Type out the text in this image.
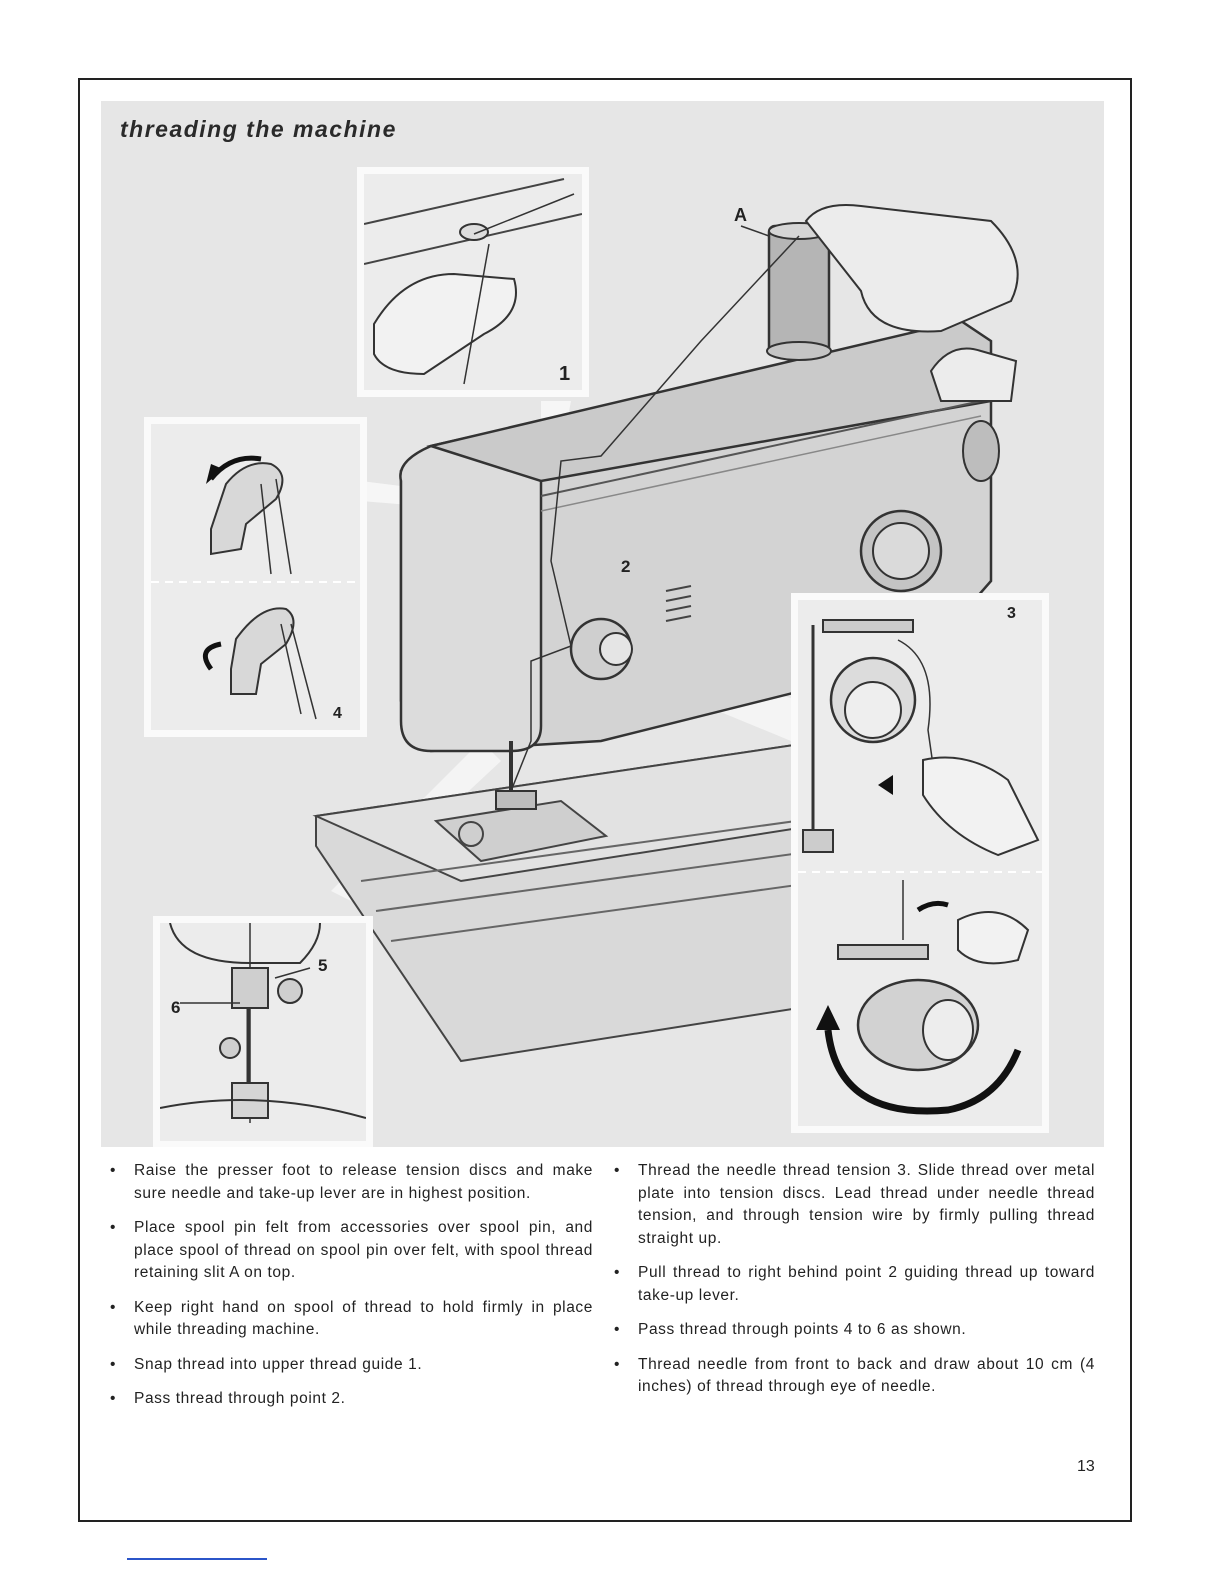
1
4
3
5
6
A
2
threading the machine
• Raise the presser foot to release tension discs and make sure needle and take-up lever are in highest position.
• Place spool pin felt from accessories over spool pin, and place spool of thread on spool pin over felt, with spool thread retaining slit A on top.
• Keep right hand on spool of thread to hold firmly in place while threading machine.
• Snap thread into upper thread guide 1.
• Pass thread through point 2.
• Thread the needle thread tension 3. Slide thread over metal plate into tension discs. Lead thread under needle thread tension, and through tension wire by firmly pulling thread straight up.
• Pull thread to right behind point 2 guiding thread up toward take-up lever.
• Pass thread through points 4 to 6 as shown.
• Thread needle from front to back and draw about 10 cm (4 inches) of thread through eye of needle.
13
